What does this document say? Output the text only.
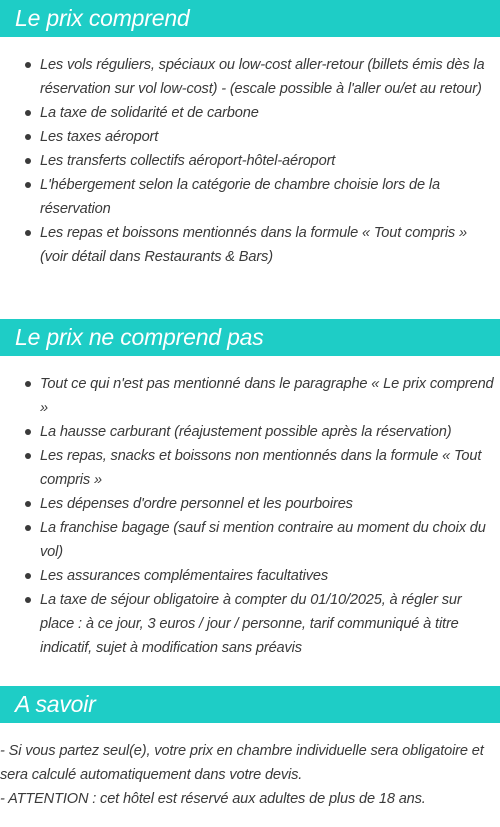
Le prix comprend
Les vols réguliers, spéciaux ou low-cost aller-retour (billets émis dès la réservation sur vol low-cost) - (escale possible à l'aller ou/et au retour)
La taxe de solidarité et de carbone
Les taxes aéroport
Les transferts collectifs aéroport-hôtel-aéroport
L'hébergement selon la catégorie de chambre choisie lors de la réservation
Les repas et boissons mentionnés dans la formule « Tout compris » (voir détail dans Restaurants & Bars)
Le prix ne comprend pas
Tout ce qui n'est pas mentionné dans le paragraphe « Le prix comprend »
La hausse carburant (réajustement possible après la réservation)
Les repas, snacks et boissons non mentionnés dans la formule « Tout compris »
Les dépenses d'ordre personnel et les pourboires
La franchise bagage (sauf si mention contraire au moment du choix du vol)
Les assurances complémentaires facultatives
La taxe de séjour obligatoire à compter du 01/10/2025, à régler sur place : à ce jour, 3 euros / jour / personne, tarif communiqué à titre indicatif, sujet à modification sans préavis
A savoir

- Si vous partez seul(e), votre prix en chambre individuelle sera obligatoire et sera calculé automatiquement dans votre devis.

- ATTENTION : cet hôtel est réservé aux adultes de plus de 18 ans.
